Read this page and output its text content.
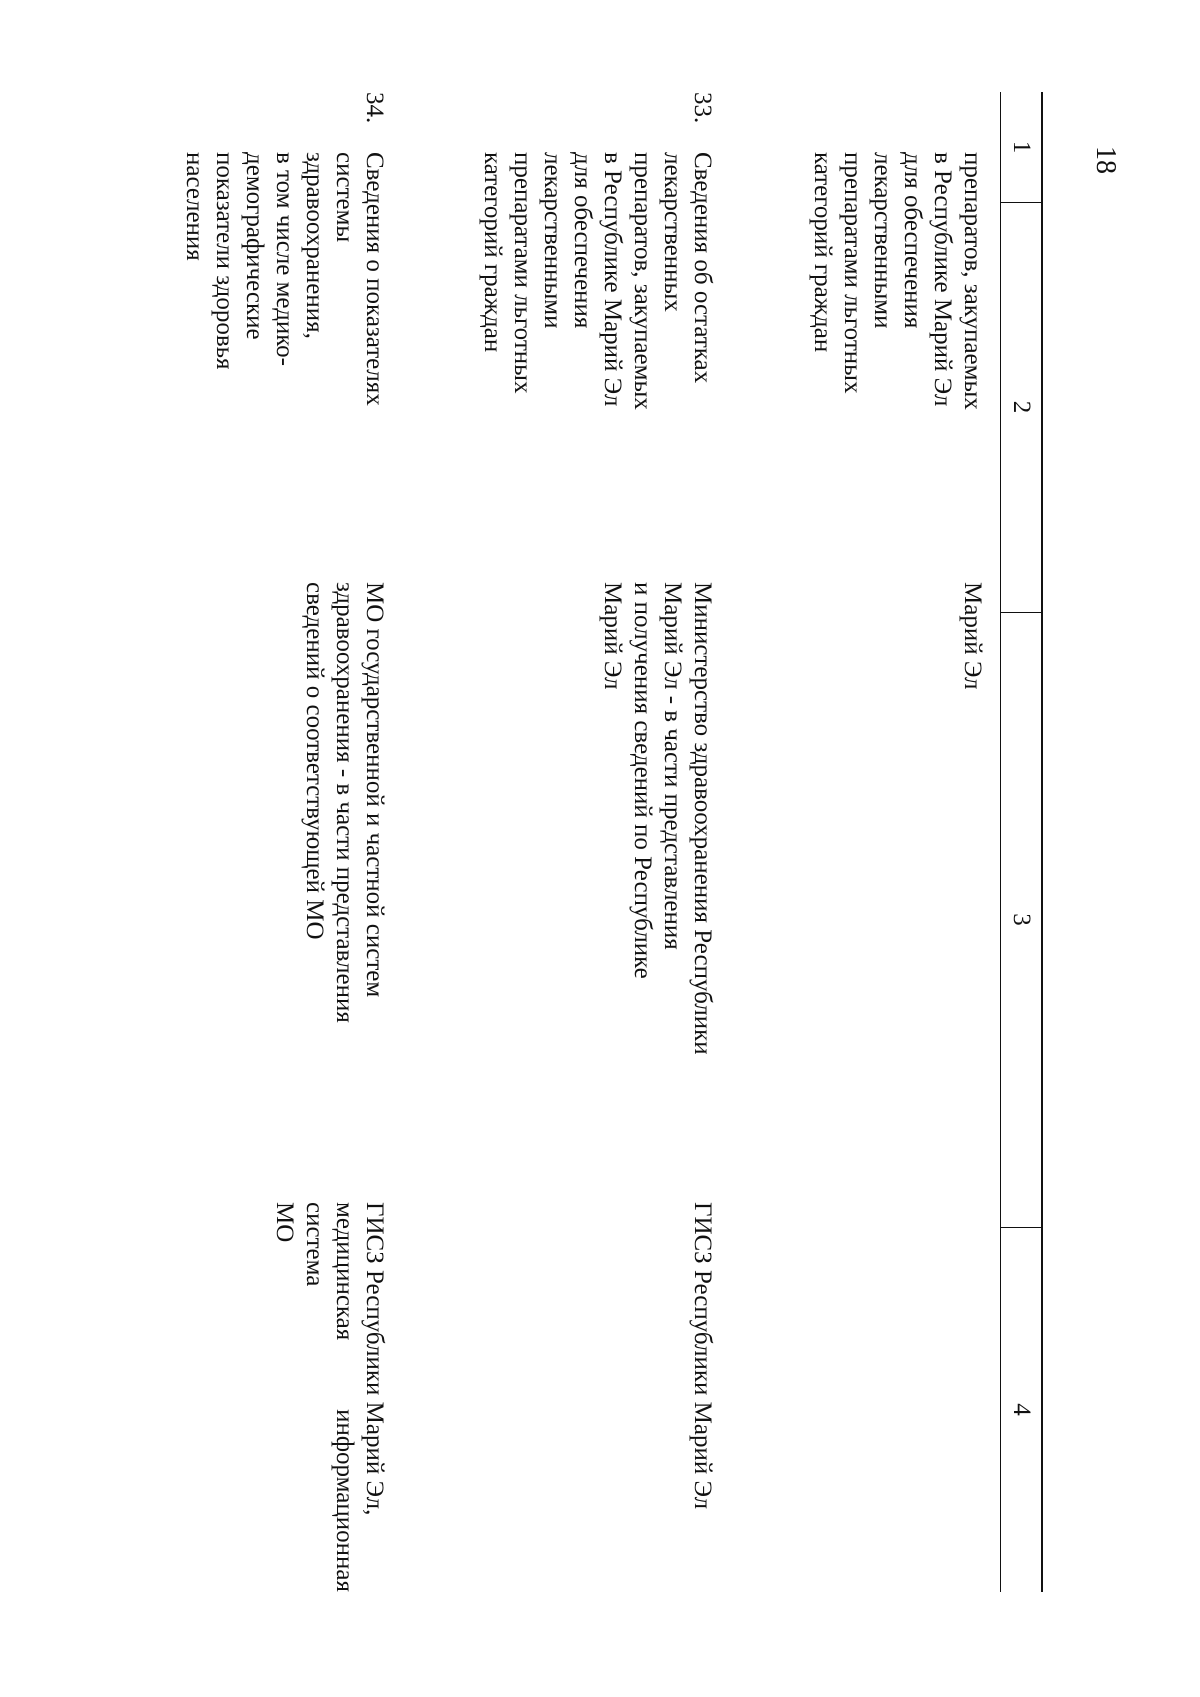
18
1
2
3
4
препаратов, закупаемых
в Республике Марий Эл
для обеспечения
лекарственными
препаратами льготных
категорий граждан
Марий Эл
33.
Сведения об остатках
лекарственных
препаратов, закупаемых
в Республике Марий Эл
для обеспечения
лекарственными
препаратами льготных
категорий граждан
Министерство здравоохранения Республики
Марий Эл - в части представления
и получения сведений по Республике
Марий Эл
ГИСЗ Республики Марий Эл
34.
Сведения о показателях
системы
здравоохранения,
в том числе медико-
демографические
показатели здоровья
населения
МО государственной и частной систем
здравоохранения - в части представления
сведений о соответствующей МО
ГИСЗ Республики Марий Эл,
медицинская информационная система
МО
